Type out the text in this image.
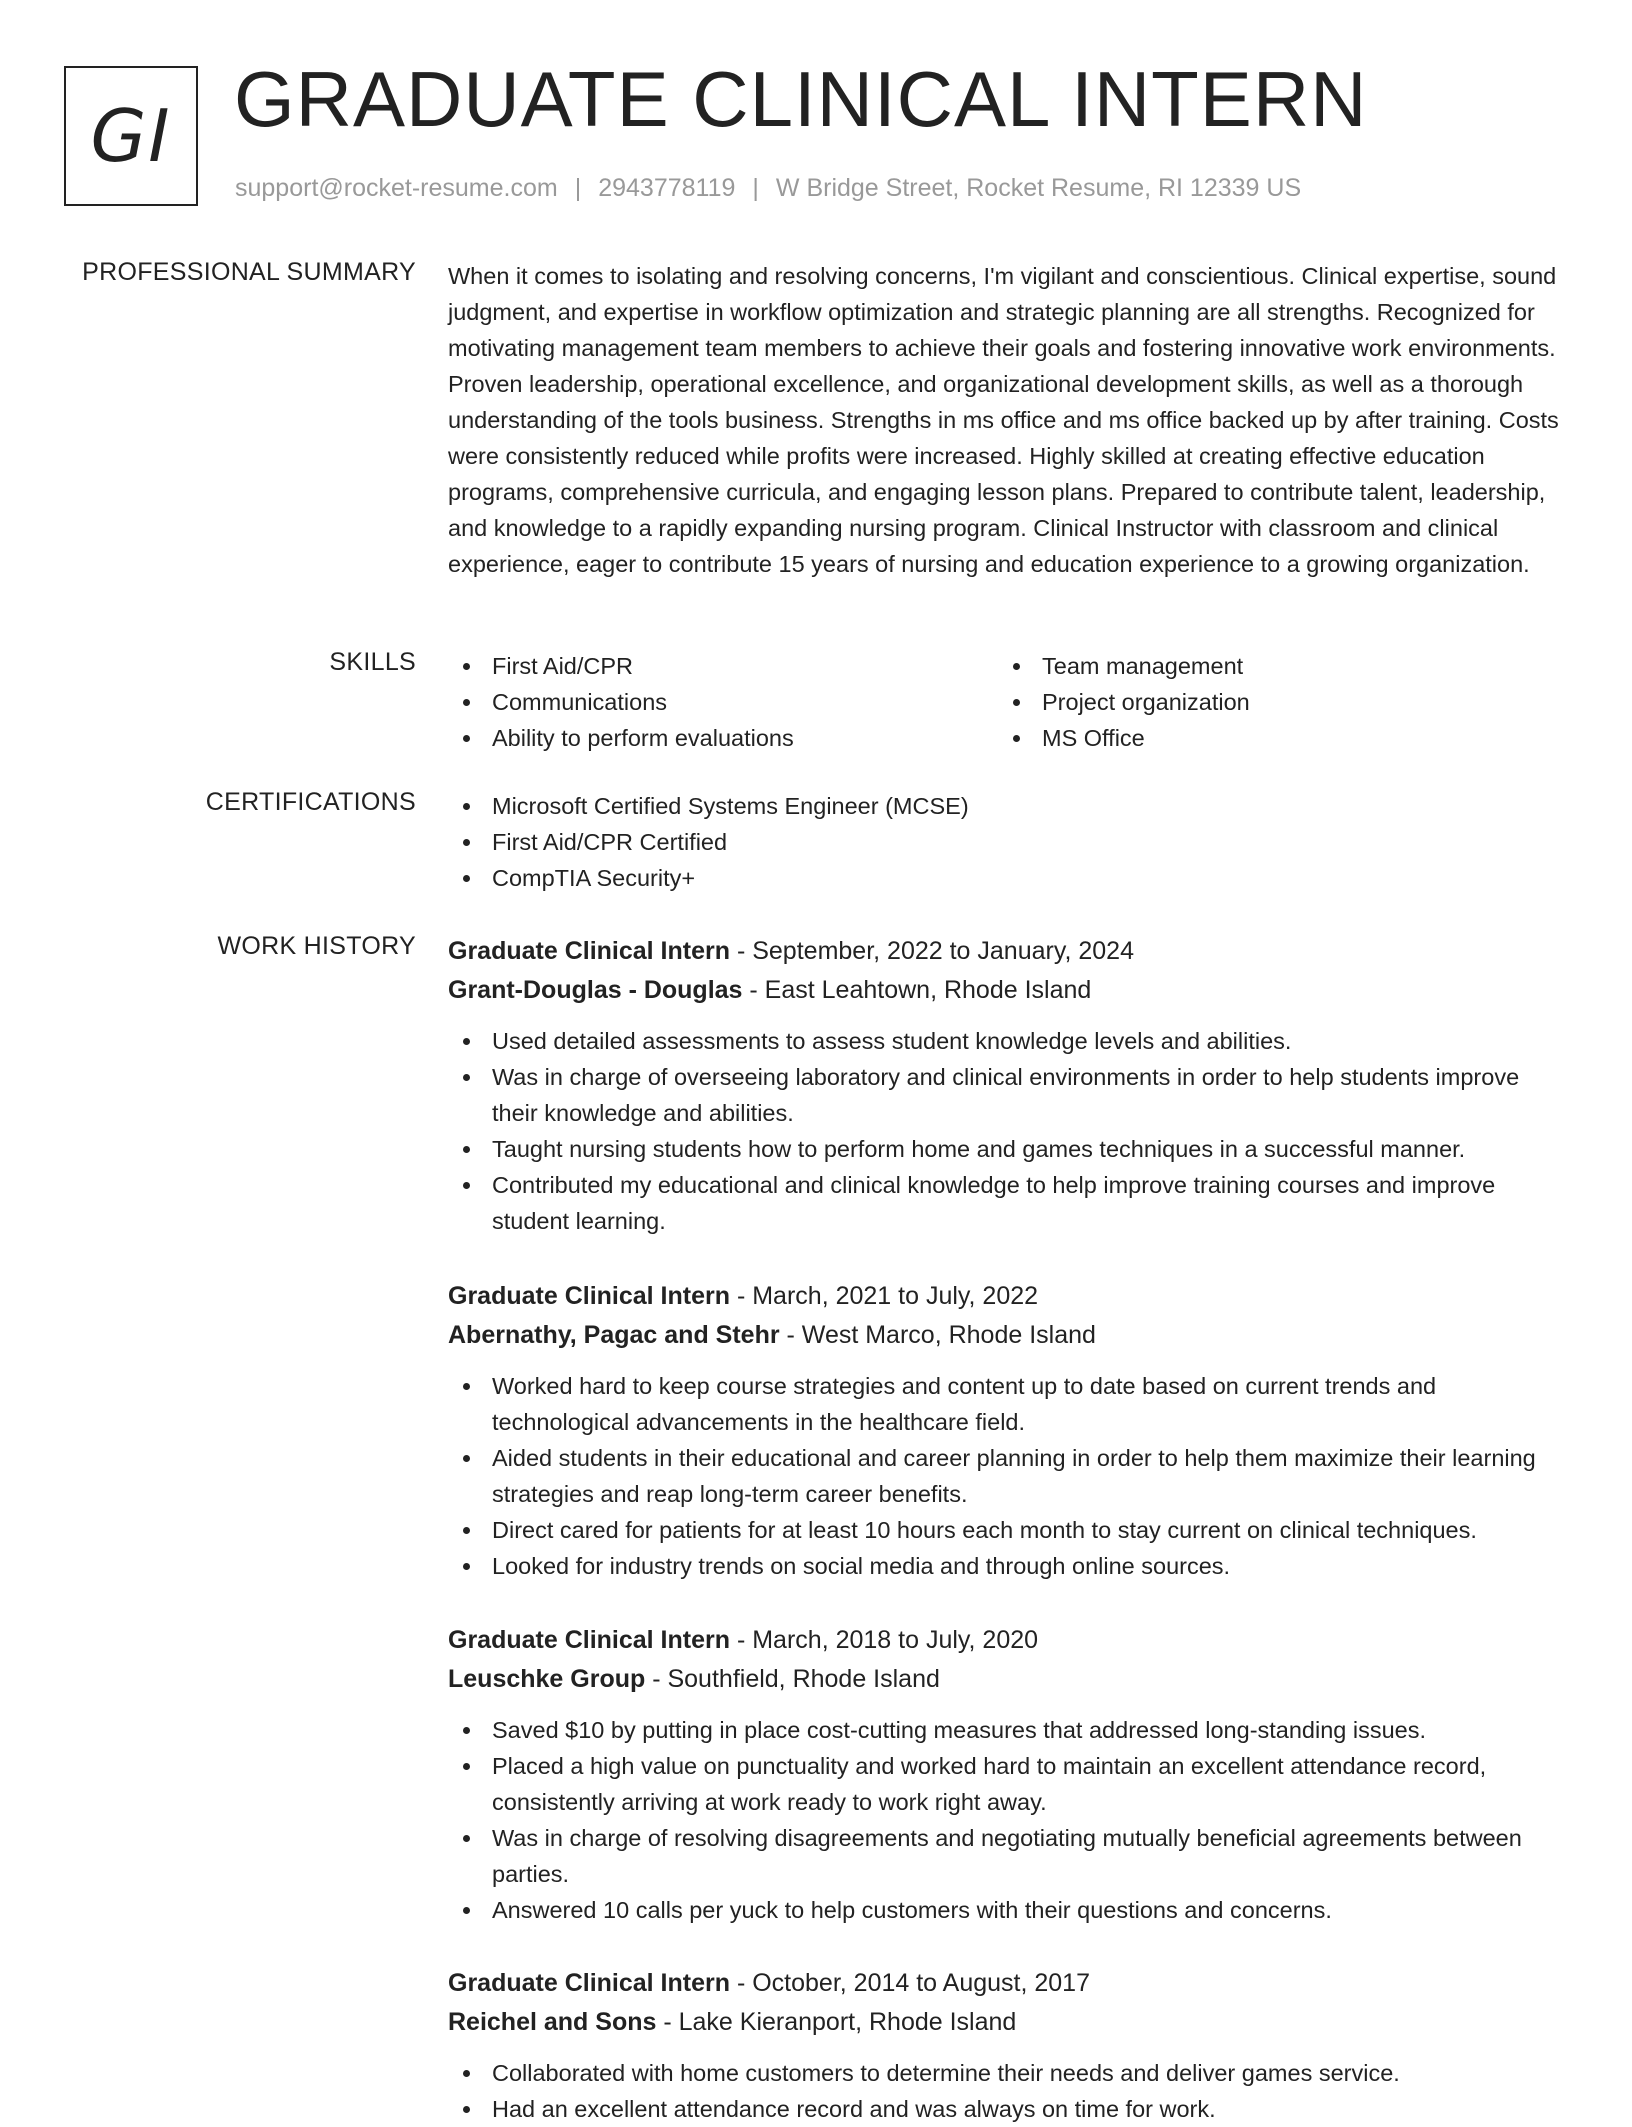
GI GRADUATE CLINICAL INTERN
support@rocket-resume.com | 2943778119 | W Bridge Street, Rocket Resume, RI 12339 US
PROFESSIONAL SUMMARY When it comes to isolating and resolving concerns, I'm vigilant and conscientious. Clinical expertise, sound judgment, and expertise in workflow optimization and strategic planning are all strengths. Recognized for motivating management team members to achieve their goals and fostering innovative work environments. Proven leadership, operational excellence, and organizational development skills, as well as a thorough understanding of the tools business. Strengths in ms office and ms office backed up by after training. Costs were consistently reduced while profits were increased. Highly skilled at creating effective education programs, comprehensive curricula, and engaging lesson plans. Prepared to contribute talent, leadership, and knowledge to a rapidly expanding nursing program. Clinical Instructor with classroom and clinical experience, eager to contribute 15 years of nursing and education experience to a growing organization.

SKILLS	First Aid/CPR
Communications
Ability to perform evaluations
Team management
Project organization
MS Office
CERTIFICATIONS	Microsoft Certified Systems Engineer (MCSE)
First Aid/CPR Certified
CompTIA Security+
WORK HISTORY Graduate Clinical Intern - September, 2022 to January, 2024
Grant-Douglas - Douglas - East Leahtown, Rhode Island
Used detailed assessments to assess student knowledge levels and abilities.
Was in charge of overseeing laboratory and clinical environments in order to help students improve their knowledge and abilities.
Taught nursing students how to perform home and games techniques in a successful manner.
Contributed my educational and clinical knowledge to help improve training courses and improve student learning.
Graduate Clinical Intern - March, 2021 to July, 2022
Abernathy, Pagac and Stehr - West Marco, Rhode Island
Worked hard to keep course strategies and content up to date based on current trends and technological advancements in the healthcare field.
Aided students in their educational and career planning in order to help them maximize their learning strategies and reap long-term career benefits.
Direct cared for patients for at least 10 hours each month to stay current on clinical techniques.
Looked for industry trends on social media and through online sources.
Graduate Clinical Intern - March, 2018 to July, 2020
Leuschke Group - Southfield, Rhode Island
Saved $10 by putting in place cost-cutting measures that addressed long-standing issues.
Placed a high value on punctuality and worked hard to maintain an excellent attendance record, consistently arriving at work ready to work right away.
Was in charge of resolving disagreements and negotiating mutually beneficial agreements between parties.
Answered 10 calls per yuck to help customers with their questions and concerns.
Graduate Clinical Intern - October, 2014 to August, 2017
Reichel and Sons - Lake Kieranport, Rhode Island
Collaborated with home customers to determine their needs and deliver games service.
Had an excellent attendance record and was always on time for work.
